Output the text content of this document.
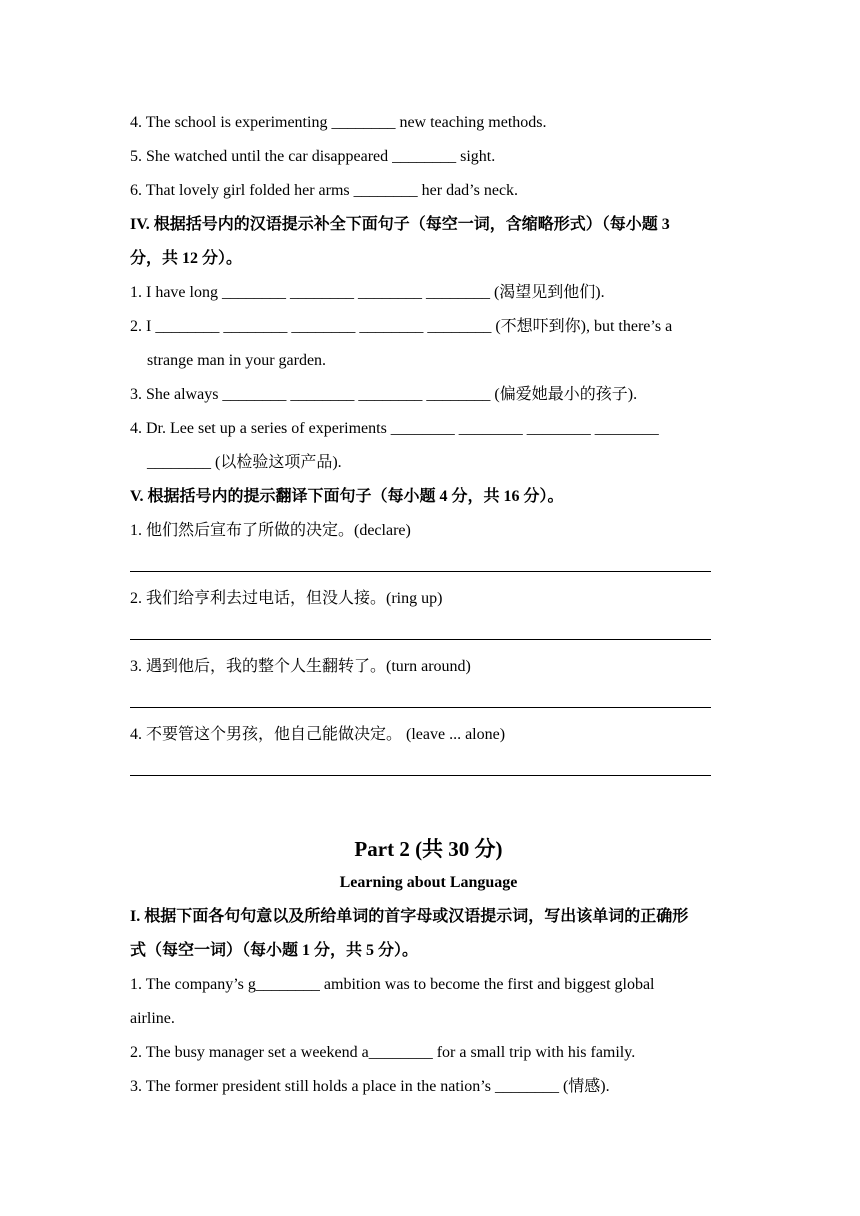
4. The school is experimenting ________ new teaching methods.
5. She watched until the car disappeared ________ sight.
6. That lovely girl folded her arms ________ her dad’s neck.
IV. 根据括号内的汉语提示补全下面句子（每空一词，含缩略形式）（每小题 3
分，共 12 分）。
1. I have long ________ ________ ________ ________ (渴望见到他们).
2. I ________ ________ ________ ________ ________ (不想吓到你), but there’s a
strange man in your garden.
3. She always ________ ________ ________ ________ (偏爱她最小的孩子).
4. Dr. Lee set up a series of experiments ________ ________ ________ ________
________ (以检验这项产品).
V. 根据括号内的提示翻译下面句子（每小题 4 分，共 16 分）。
1. 他们然后宣布了所做的决定。(declare)
2. 我们给亨利去过电话，但没人接。(ring up)
3. 遇到他后，我的整个人生翻转了。(turn around)
4. 不要管这个男孩，他自己能做决定。 (leave ... alone)
Part 2 (共 30 分)
Learning about Language
I. 根据下面各句句意以及所给单词的首字母或汉语提示词，写出该单词的正确形
式（每空一词）（每小题 1 分，共 5 分）。
1. The company’s g________ ambition was to become the first and biggest global
airline.
2. The busy manager set a weekend a________ for a small trip with his family.
3. The former president still holds a place in the nation’s ________ (情感).
